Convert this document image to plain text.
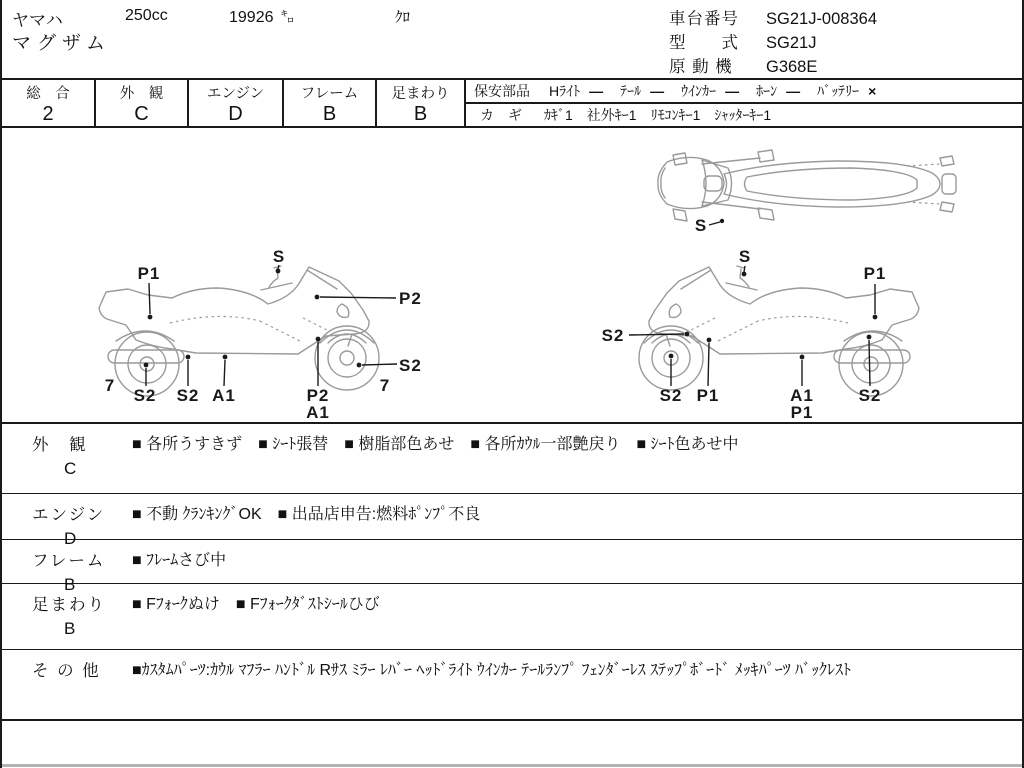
ヤマハ	250cc	19926 ㌔	ｸﾛ
マグザム
車台番号 SG21J-008364
型　　式 SG21J
原 動 機 G368E
総　合
2
外　観
C
エンジン
D
フレーム
B
足まわり
B
保安部品 Hﾗｲﾄ ― ﾃｰﾙ ― ｳｲﾝｶｰ ― ﾎｰﾝ ― ﾊﾞｯﾃﾘｰ ×
カ　ギ ｶｷﾞ1　社外ｷｰ1　ﾘﾓｺﾝｷｰ1　ｼｬｯﾀｰｷｰ1
P1
S
P2
S2
7
S2 S2 A1	P2
A1
7
S
P1
S2
S2 P1	A1
P1
S2
S
外　観
C
■ 各所うすきず　■ ｼｰﾄ張替　■ 樹脂部色あせ　■ 各所ｶｳﾙ一部艶戻り　■ ｼｰﾄ色あせ中
エンジン
D
■ 不動 ｸﾗﾝｷﾝｸﾞOK　■ 出品店申告:燃料ﾎﾟﾝﾌﾟ不良
フレーム
B
■ ﾌﾚｰﾑさび中
足まわり
B
■ Fﾌｫｰｸぬけ　■ Fﾌｫｰｸﾀﾞｽﾄｼｰﾙひび
そ の 他	■ｶｽﾀﾑﾊﾟｰﾂ:ｶｳﾙ ﾏﾌﾗｰ ﾊﾝﾄﾞﾙ Rｻｽ ﾐﾗｰ ﾚﾊﾞｰ ﾍｯﾄﾞﾗｲﾄ ｳｲﾝｶｰ ﾃｰﾙﾗﾝﾌﾟ ﾌｪﾝﾀﾞｰﾚｽ ｽﾃｯﾌﾟﾎﾞｰﾄﾞ ﾒｯｷﾊﾟｰﾂ ﾊﾞｯｸﾚｽﾄ
